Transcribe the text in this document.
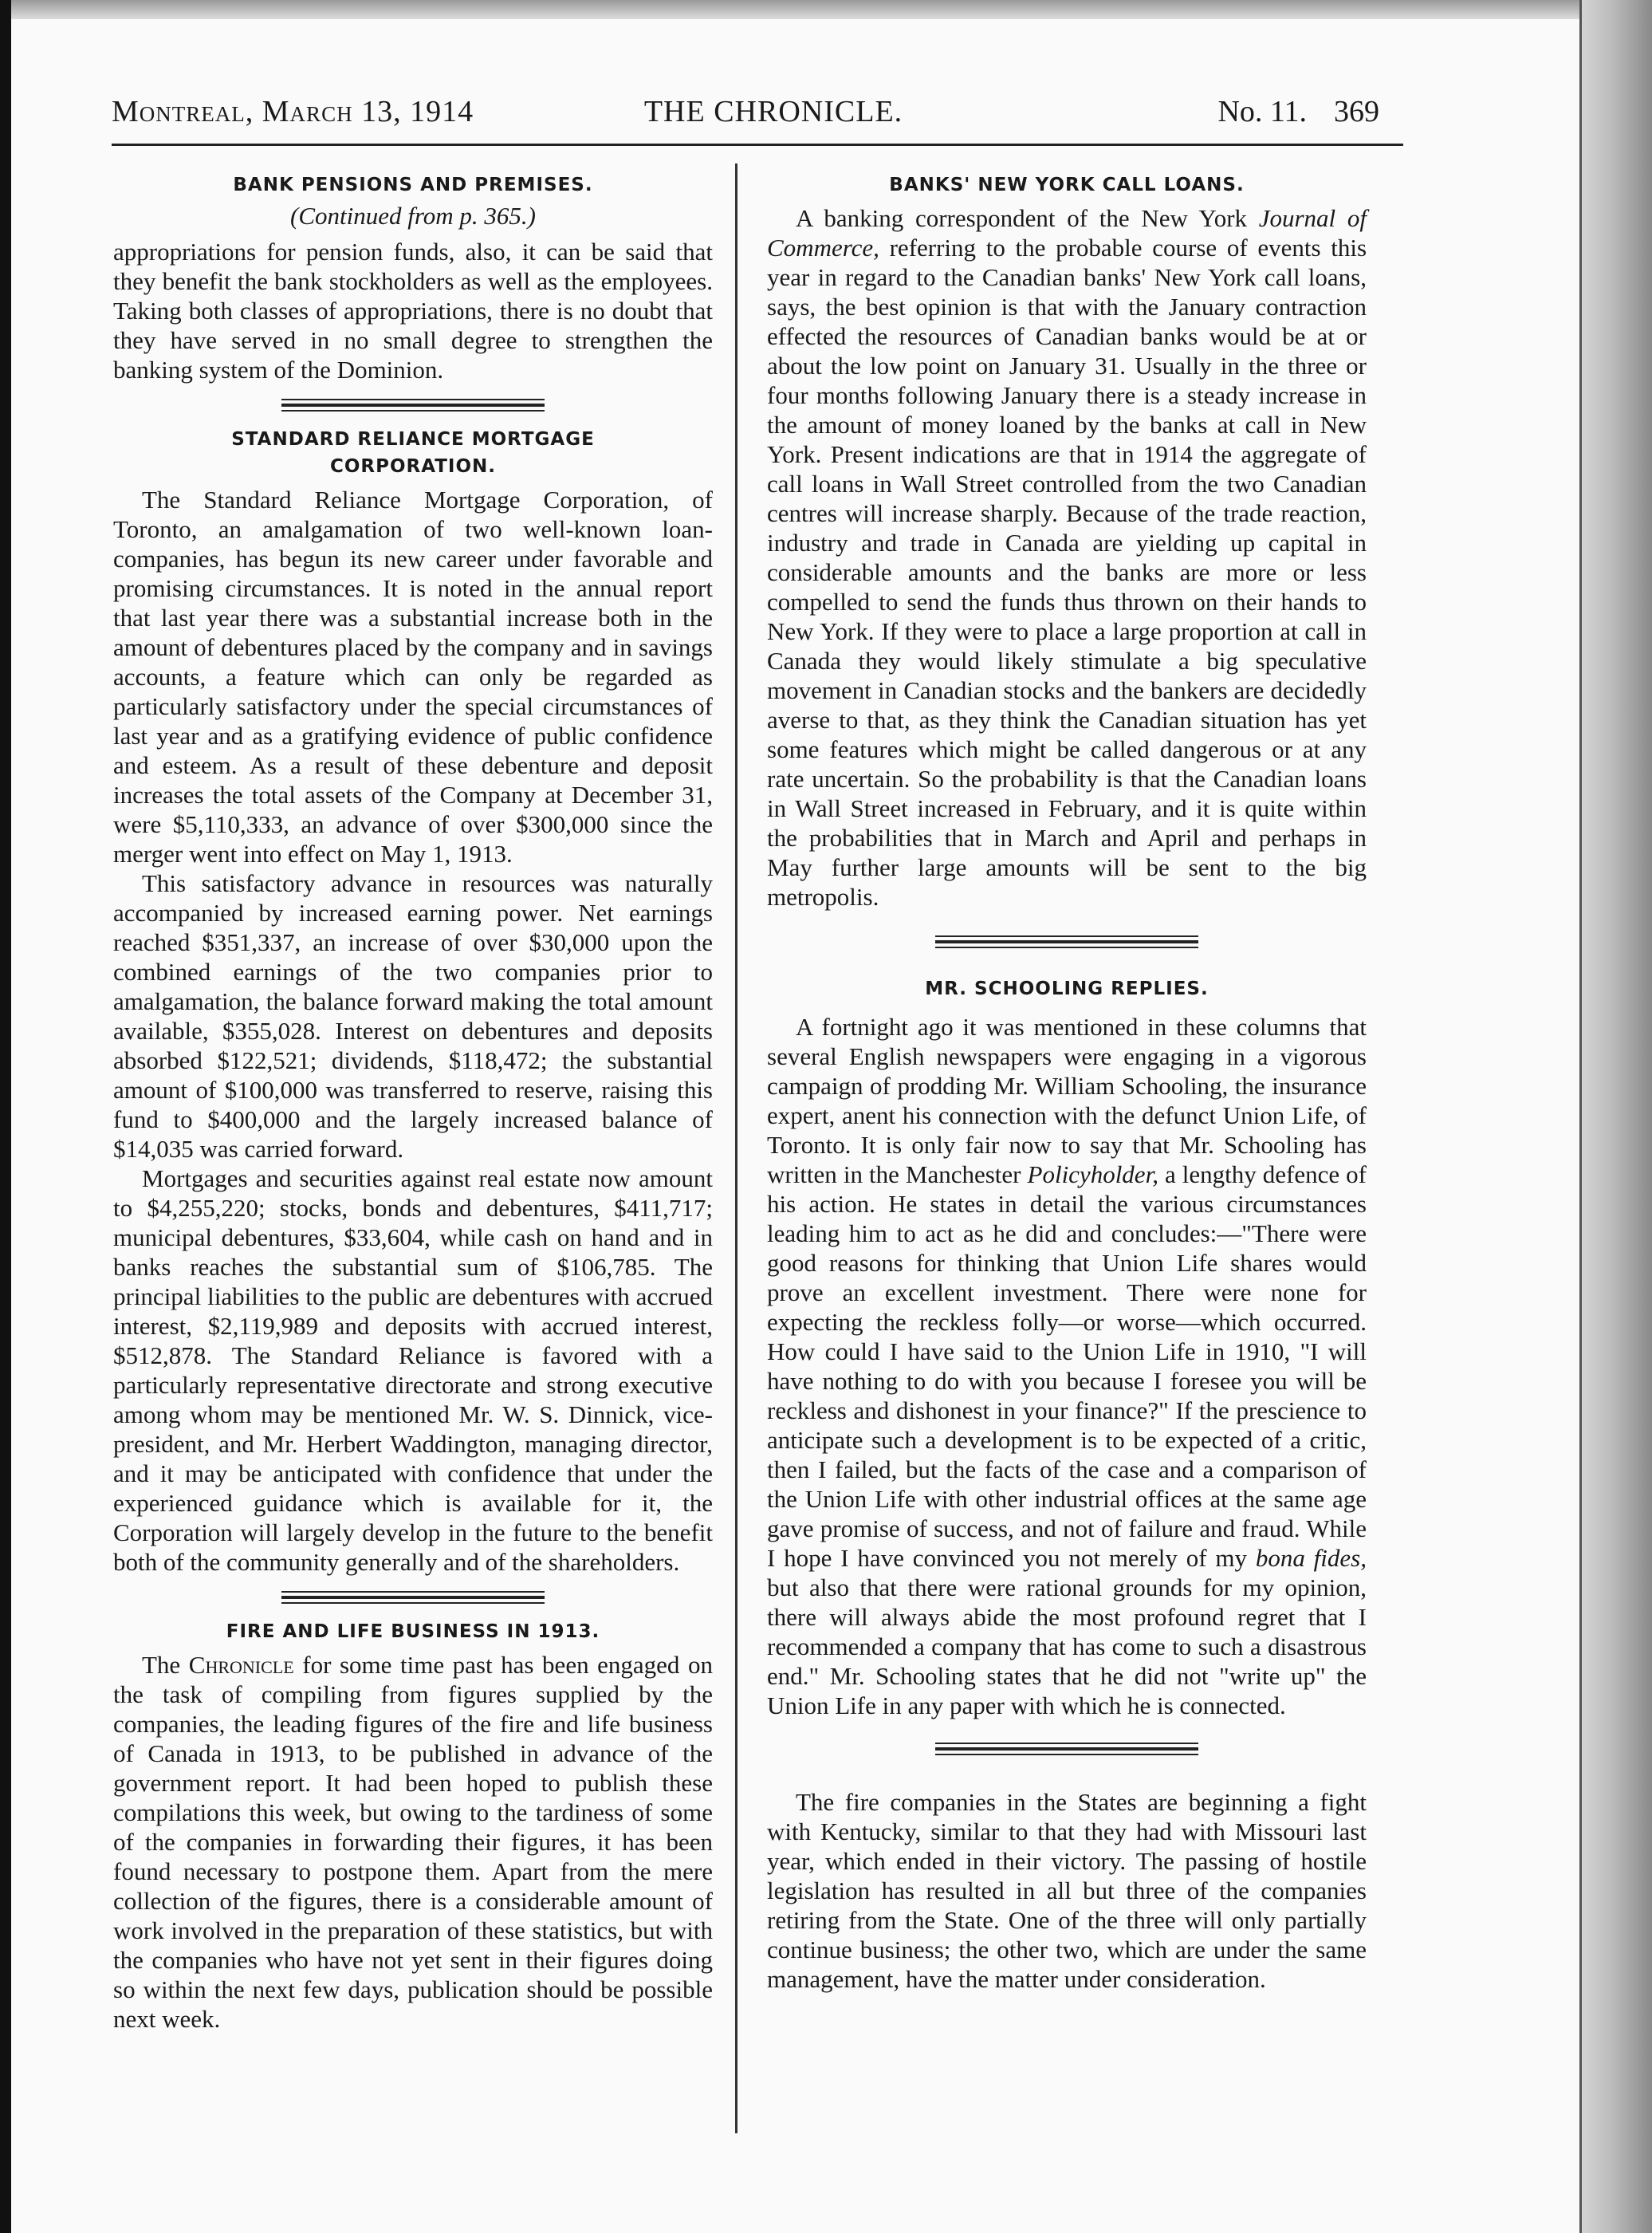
Montreal, March 13, 1914	THE CHRONICLE.	No. 11. 369
BANK PENSIONS AND PREMISES.
(Continued from p. 365.)

appropriations for pension funds, also, it can be said that they benefit the bank stockholders as well as the employees. Taking both classes of appropriations, there is no doubt that they have served in no small degree to strengthen the banking system of the Dominion.

STANDARD RELIANCE MORTGAGE
CORPORATION.

The Standard Reliance Mortgage Corporation, of Toronto, an amalgamation of two well-known loan-companies, has begun its new career under favorable and promising circumstances. It is noted in the annual report that last year there was a substantial increase both in the amount of debentures placed by the company and in savings accounts, a feature which can only be regarded as particularly satisfactory under the special circumstances of last year and as a gratifying evidence of public confidence and esteem. As a result of these debenture and deposit increases the total assets of the Company at December 31, were $5,110,333, an advance of over $300,000 since the merger went into effect on May 1, 1913.

This satisfactory advance in resources was naturally accompanied by increased earning power. Net earnings reached $351,337, an increase of over $30,000 upon the combined earnings of the two companies prior to amalgamation, the balance forward making the total amount available, $355,028. Interest on debentures and deposits absorbed $122,521; dividends, $118,472; the substantial amount of $100,000 was transferred to reserve, raising this fund to $400,000 and the largely increased balance of $14,035 was carried forward.

Mortgages and securities against real estate now amount to $4,255,220; stocks, bonds and debentures, $411,717; municipal debentures, $33,604, while cash on hand and in banks reaches the substantial sum of $106,785. The principal liabilities to the public are debentures with accrued interest, $2,119,989 and deposits with accrued interest, $512,878. The Standard Reliance is favored with a particularly representative directorate and strong executive among whom may be mentioned Mr. W. S. Dinnick, vice-president, and Mr. Herbert Waddington, managing director, and it may be anticipated with confidence that under the experienced guidance which is available for it, the Corporation will largely develop in the future to the benefit both of the community generally and of the shareholders.

FIRE AND LIFE BUSINESS IN 1913.

The Chronicle for some time past has been engaged on the task of compiling from figures supplied by the companies, the leading figures of the fire and life business of Canada in 1913, to be published in advance of the government report. It had been hoped to publish these compilations this week, but owing to the tardiness of some of the companies in forwarding their figures, it has been found necessary to postpone them. Apart from the mere collection of the figures, there is a considerable amount of work involved in the preparation of these statistics, but with the companies who have not yet sent in their figures doing so within the next few days, publication should be possible next week.

BANKS' NEW YORK CALL LOANS.

A banking correspondent of the New York Journal of Commerce, referring to the probable course of events this year in regard to the Canadian banks' New York call loans, says, the best opinion is that with the January contraction effected the resources of Canadian banks would be at or about the low point on January 31. Usually in the three or four months following January there is a steady increase in the amount of money loaned by the banks at call in New York. Present indications are that in 1914 the aggregate of call loans in Wall Street controlled from the two Canadian centres will increase sharply. Because of the trade reaction, industry and trade in Canada are yielding up capital in considerable amounts and the banks are more or less compelled to send the funds thus thrown on their hands to New York. If they were to place a large proportion at call in Canada they would likely stimulate a big speculative movement in Canadian stocks and the bankers are decidedly averse to that, as they think the Canadian situation has yet some features which might be called dangerous or at any rate uncertain. So the probability is that the Canadian loans in Wall Street increased in February, and it is quite within the probabilities that in March and April and perhaps in May further large amounts will be sent to the big metropolis.

MR. SCHOOLING REPLIES.

A fortnight ago it was mentioned in these columns that several English newspapers were engaging in a vigorous campaign of prodding Mr. William Schooling, the insurance expert, anent his connection with the defunct Union Life, of Toronto. It is only fair now to say that Mr. Schooling has written in the Manchester Policyholder, a lengthy defence of his action. He states in detail the various circumstances leading him to act as he did and concludes:—"There were good reasons for thinking that Union Life shares would prove an excellent investment. There were none for expecting the reckless folly—or worse—which occurred. How could I have said to the Union Life in 1910, "I will have nothing to do with you because I foresee you will be reckless and dishonest in your finance?" If the prescience to anticipate such a development is to be expected of a critic, then I failed, but the facts of the case and a comparison of the Union Life with other industrial offices at the same age gave promise of success, and not of failure and fraud. While I hope I have convinced you not merely of my bona fides, but also that there were rational grounds for my opinion, there will always abide the most profound regret that I recommended a company that has come to such a disastrous end." Mr. Schooling states that he did not "write up" the Union Life in any paper with which he is connected.

The fire companies in the States are beginning a fight with Kentucky, similar to that they had with Missouri last year, which ended in their victory. The passing of hostile legislation has resulted in all but three of the companies retiring from the State. One of the three will only partially continue business; the other two, which are under the same management, have the matter under consideration.
